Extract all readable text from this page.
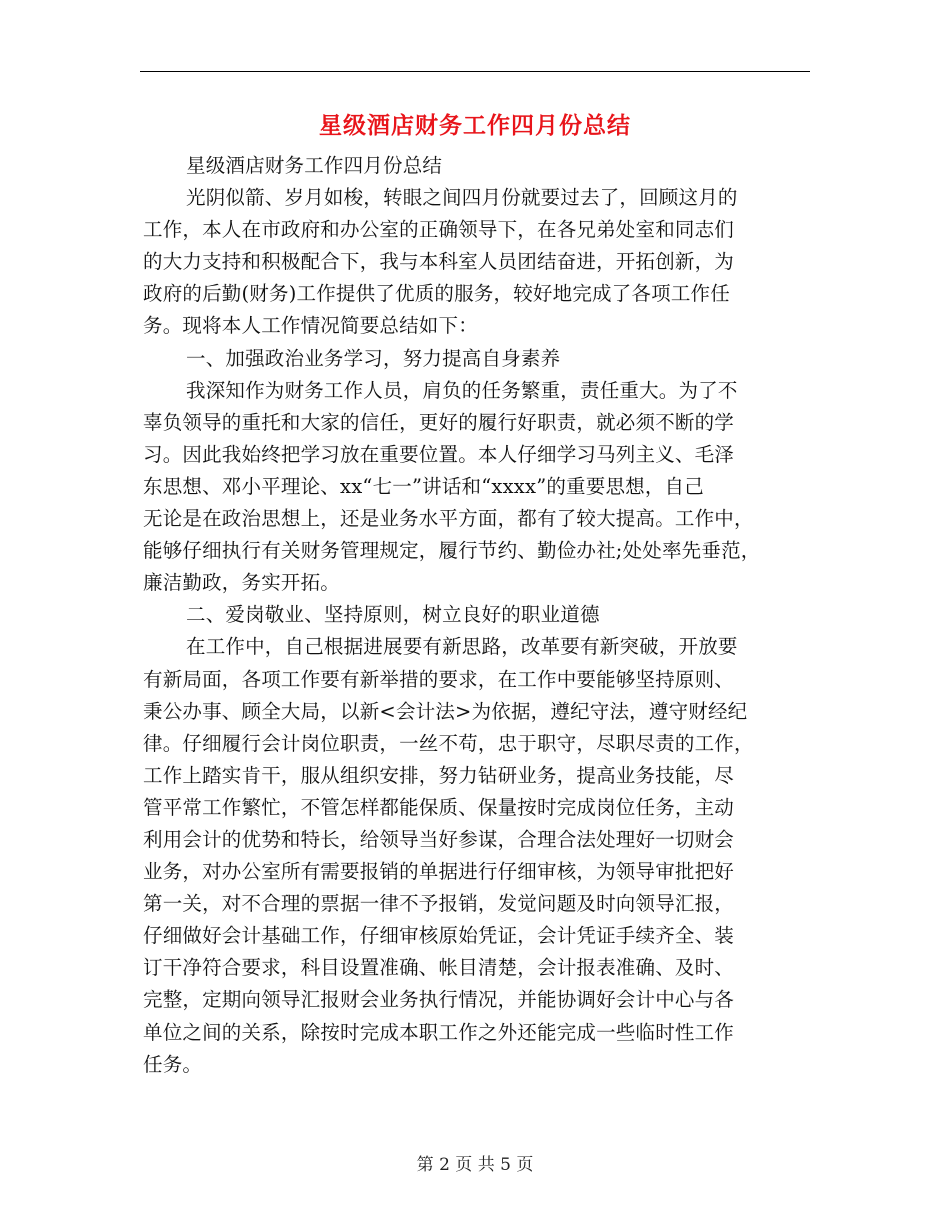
星级酒店财务工作四月份总结
星级酒店财务工作四月份总结
光阴似箭、岁月如梭，转眼之间四月份就要过去了，回顾这月的
工作，本人在市政府和办公室的正确领导下，在各兄弟处室和同志们
的大力支持和积极配合下，我与本科室人员团结奋进，开拓创新，为
政府的后勤(财务)工作提供了优质的服务，较好地完成了各项工作任
务。现将本人工作情况简要总结如下：
一、加强政治业务学习，努力提高自身素养
我深知作为财务工作人员，肩负的任务繁重，责任重大。为了不
辜负领导的重托和大家的信任，更好的履行好职责，就必须不断的学
习。因此我始终把学习放在重要位置。本人仔细学习马列主义、毛泽
东思想、邓小平理论、xx“七一”讲话和“xxxx”的重要思想，自己
无论是在政治思想上，还是业务水平方面，都有了较大提高。工作中，
能够仔细执行有关财务管理规定，履行节约、勤俭办社;处处率先垂范，
廉洁勤政，务实开拓。
二、爱岗敬业、坚持原则，树立良好的职业道德
在工作中，自己根据进展要有新思路，改革要有新突破，开放要
有新局面，各项工作要有新举措的要求，在工作中要能够坚持原则、
秉公办事、顾全大局，以新<会计法>为依据，遵纪守法，遵守财经纪
律。仔细履行会计岗位职责，一丝不苟，忠于职守，尽职尽责的工作，
工作上踏实肯干，服从组织安排，努力钻研业务，提高业务技能，尽
管平常工作繁忙，不管怎样都能保质、保量按时完成岗位任务，主动
利用会计的优势和特长，给领导当好参谋，合理合法处理好一切财会
业务，对办公室所有需要报销的单据进行仔细审核，为领导审批把好
第一关，对不合理的票据一律不予报销，发觉问题及时向领导汇报，
仔细做好会计基础工作，仔细审核原始凭证，会计凭证手续齐全、装
订干净符合要求，科目设置准确、帐目清楚，会计报表准确、及时、
完整，定期向领导汇报财会业务执行情况，并能协调好会计中心与各
单位之间的关系，除按时完成本职工作之外还能完成一些临时性工作
任务。
第 2 页 共 5 页
